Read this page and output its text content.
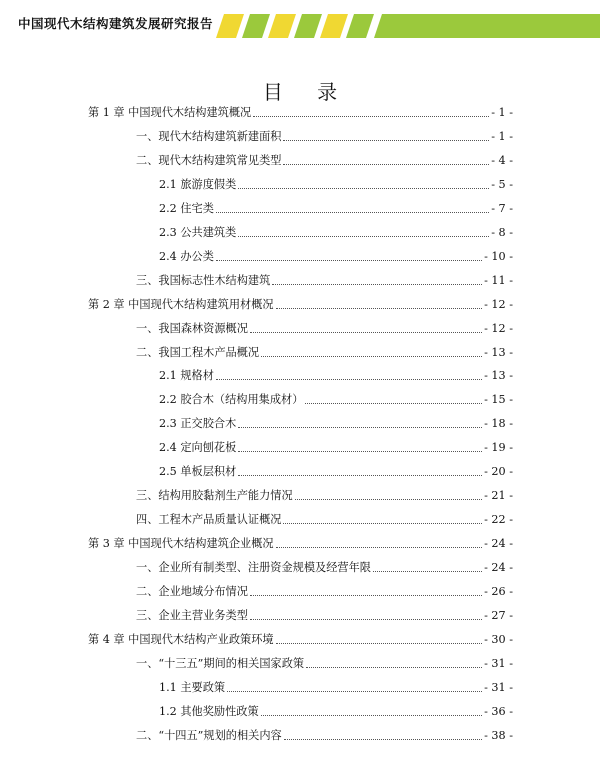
中国现代木结构建筑发展研究报告
目 录
第 1 章 中国现代木结构建筑概况	- 1 -
一、现代木结构建筑新建面积	- 1 -
二、现代木结构建筑常见类型	- 4 -
2.1 旅游度假类	- 5 -
2.2 住宅类	- 7 -
2.3 公共建筑类	- 8 -
2.4 办公类	- 10 -
三、我国标志性木结构建筑	- 11 -
第 2 章 中国现代木结构建筑用材概况	- 12 -
一、我国森林资源概况	- 12 -
二、我国工程木产品概况	- 13 -
2.1 规格材	- 13 -
2.2 胶合木（结构用集成材）	- 15 -
2.3 正交胶合木	- 18 -
2.4 定向刨花板	- 19 -
2.5 单板层积材	- 20 -
三、结构用胶黏剂生产能力情况	- 21 -
四、工程木产品质量认证概况	- 22 -
第 3 章 中国现代木结构建筑企业概况	- 24 -
一、企业所有制类型、注册资金规模及经营年限	- 24 -
二、企业地域分布情况	- 26 -
三、企业主营业务类型	- 27 -
第 4 章 中国现代木结构产业政策环境	- 30 -
一、“十三五”期间的相关国家政策	- 31 -
1.1 主要政策	- 31 -
1.2 其他奖励性政策	- 36 -
二、“十四五”规划的相关内容	- 38 -
